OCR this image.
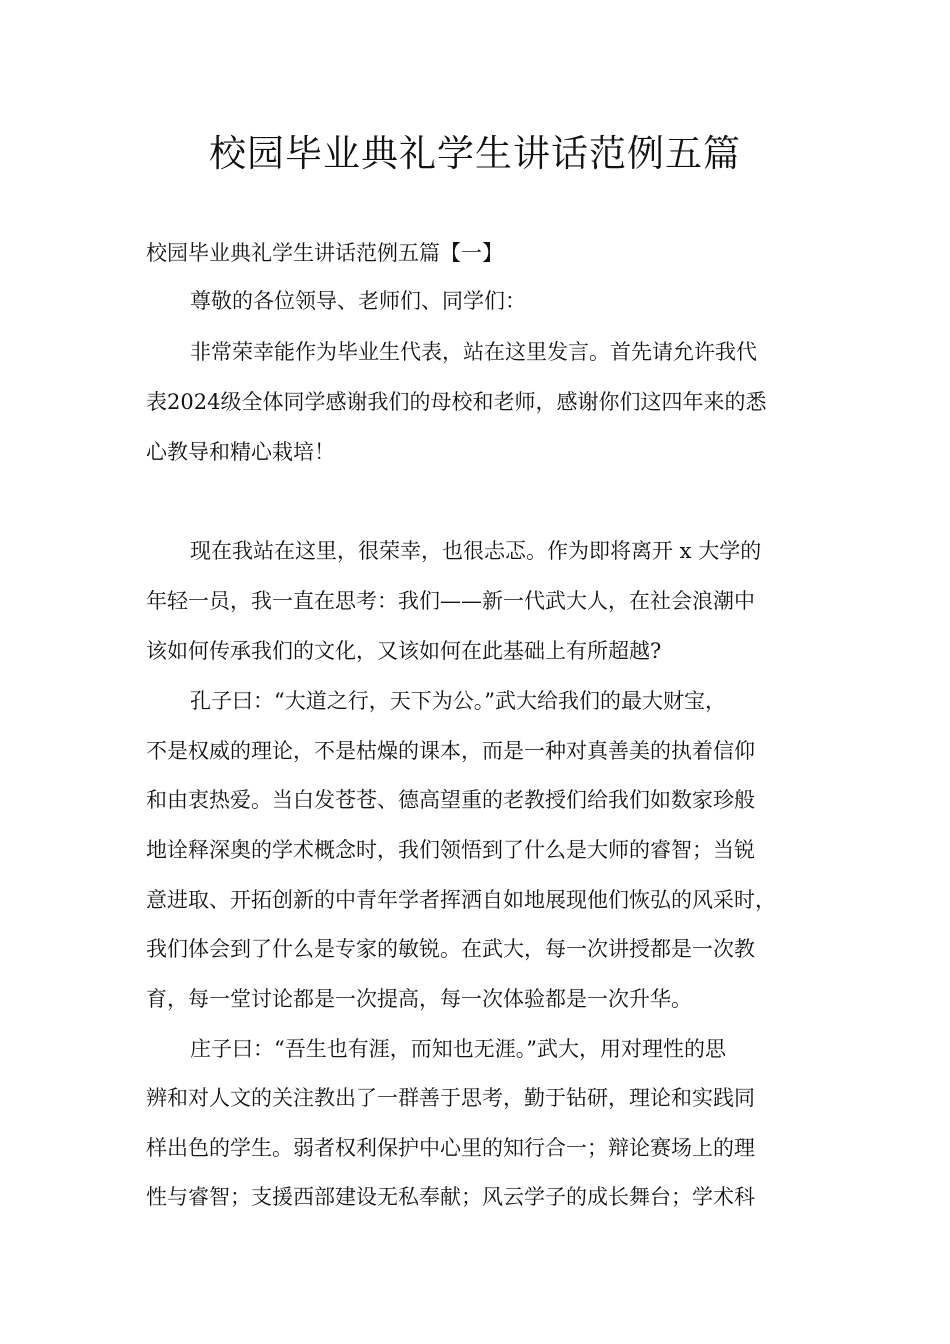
校园毕业典礼学生讲话范例五篇

校园毕业典礼学生讲话范例五篇【一】

尊敬的各位领导、老师们、同学们：

非常荣幸能作为毕业生代表，站在这里发言。首先请允许我代

表2024级全体同学感谢我们的母校和老师，感谢你们这四年来的悉

心教导和精心栽培！

现在我站在这里，很荣幸，也很忐忑。作为即将离开 x 大学的

年轻一员，我一直在思考：我们——新一代武大人，在社会浪潮中

该如何传承我们的文化，又该如何在此基础上有所超越?

孔子曰：“大道之行，天下为公。”武大给我们的最大财宝，

不是权威的理论，不是枯燥的课本，而是一种对真善美的执着信仰

和由衷热爱。当白发苍苍、德高望重的老教授们给我们如数家珍般

地诠释深奥的学术概念时，我们领悟到了什么是大师的睿智；当锐

意进取、开拓创新的中青年学者挥洒自如地展现他们恢弘的风采时，

我们体会到了什么是专家的敏锐。在武大，每一次讲授都是一次教

育，每一堂讨论都是一次提高，每一次体验都是一次升华。

庄子曰：“吾生也有涯，而知也无涯。”武大，用对理性的思

辨和对人文的关注教出了一群善于思考，勤于钻研，理论和实践同

样出色的学生。弱者权利保护中心里的知行合一；辩论赛场上的理

性与睿智；支援西部建设无私奉献；风云学子的成长舞台；学术科
